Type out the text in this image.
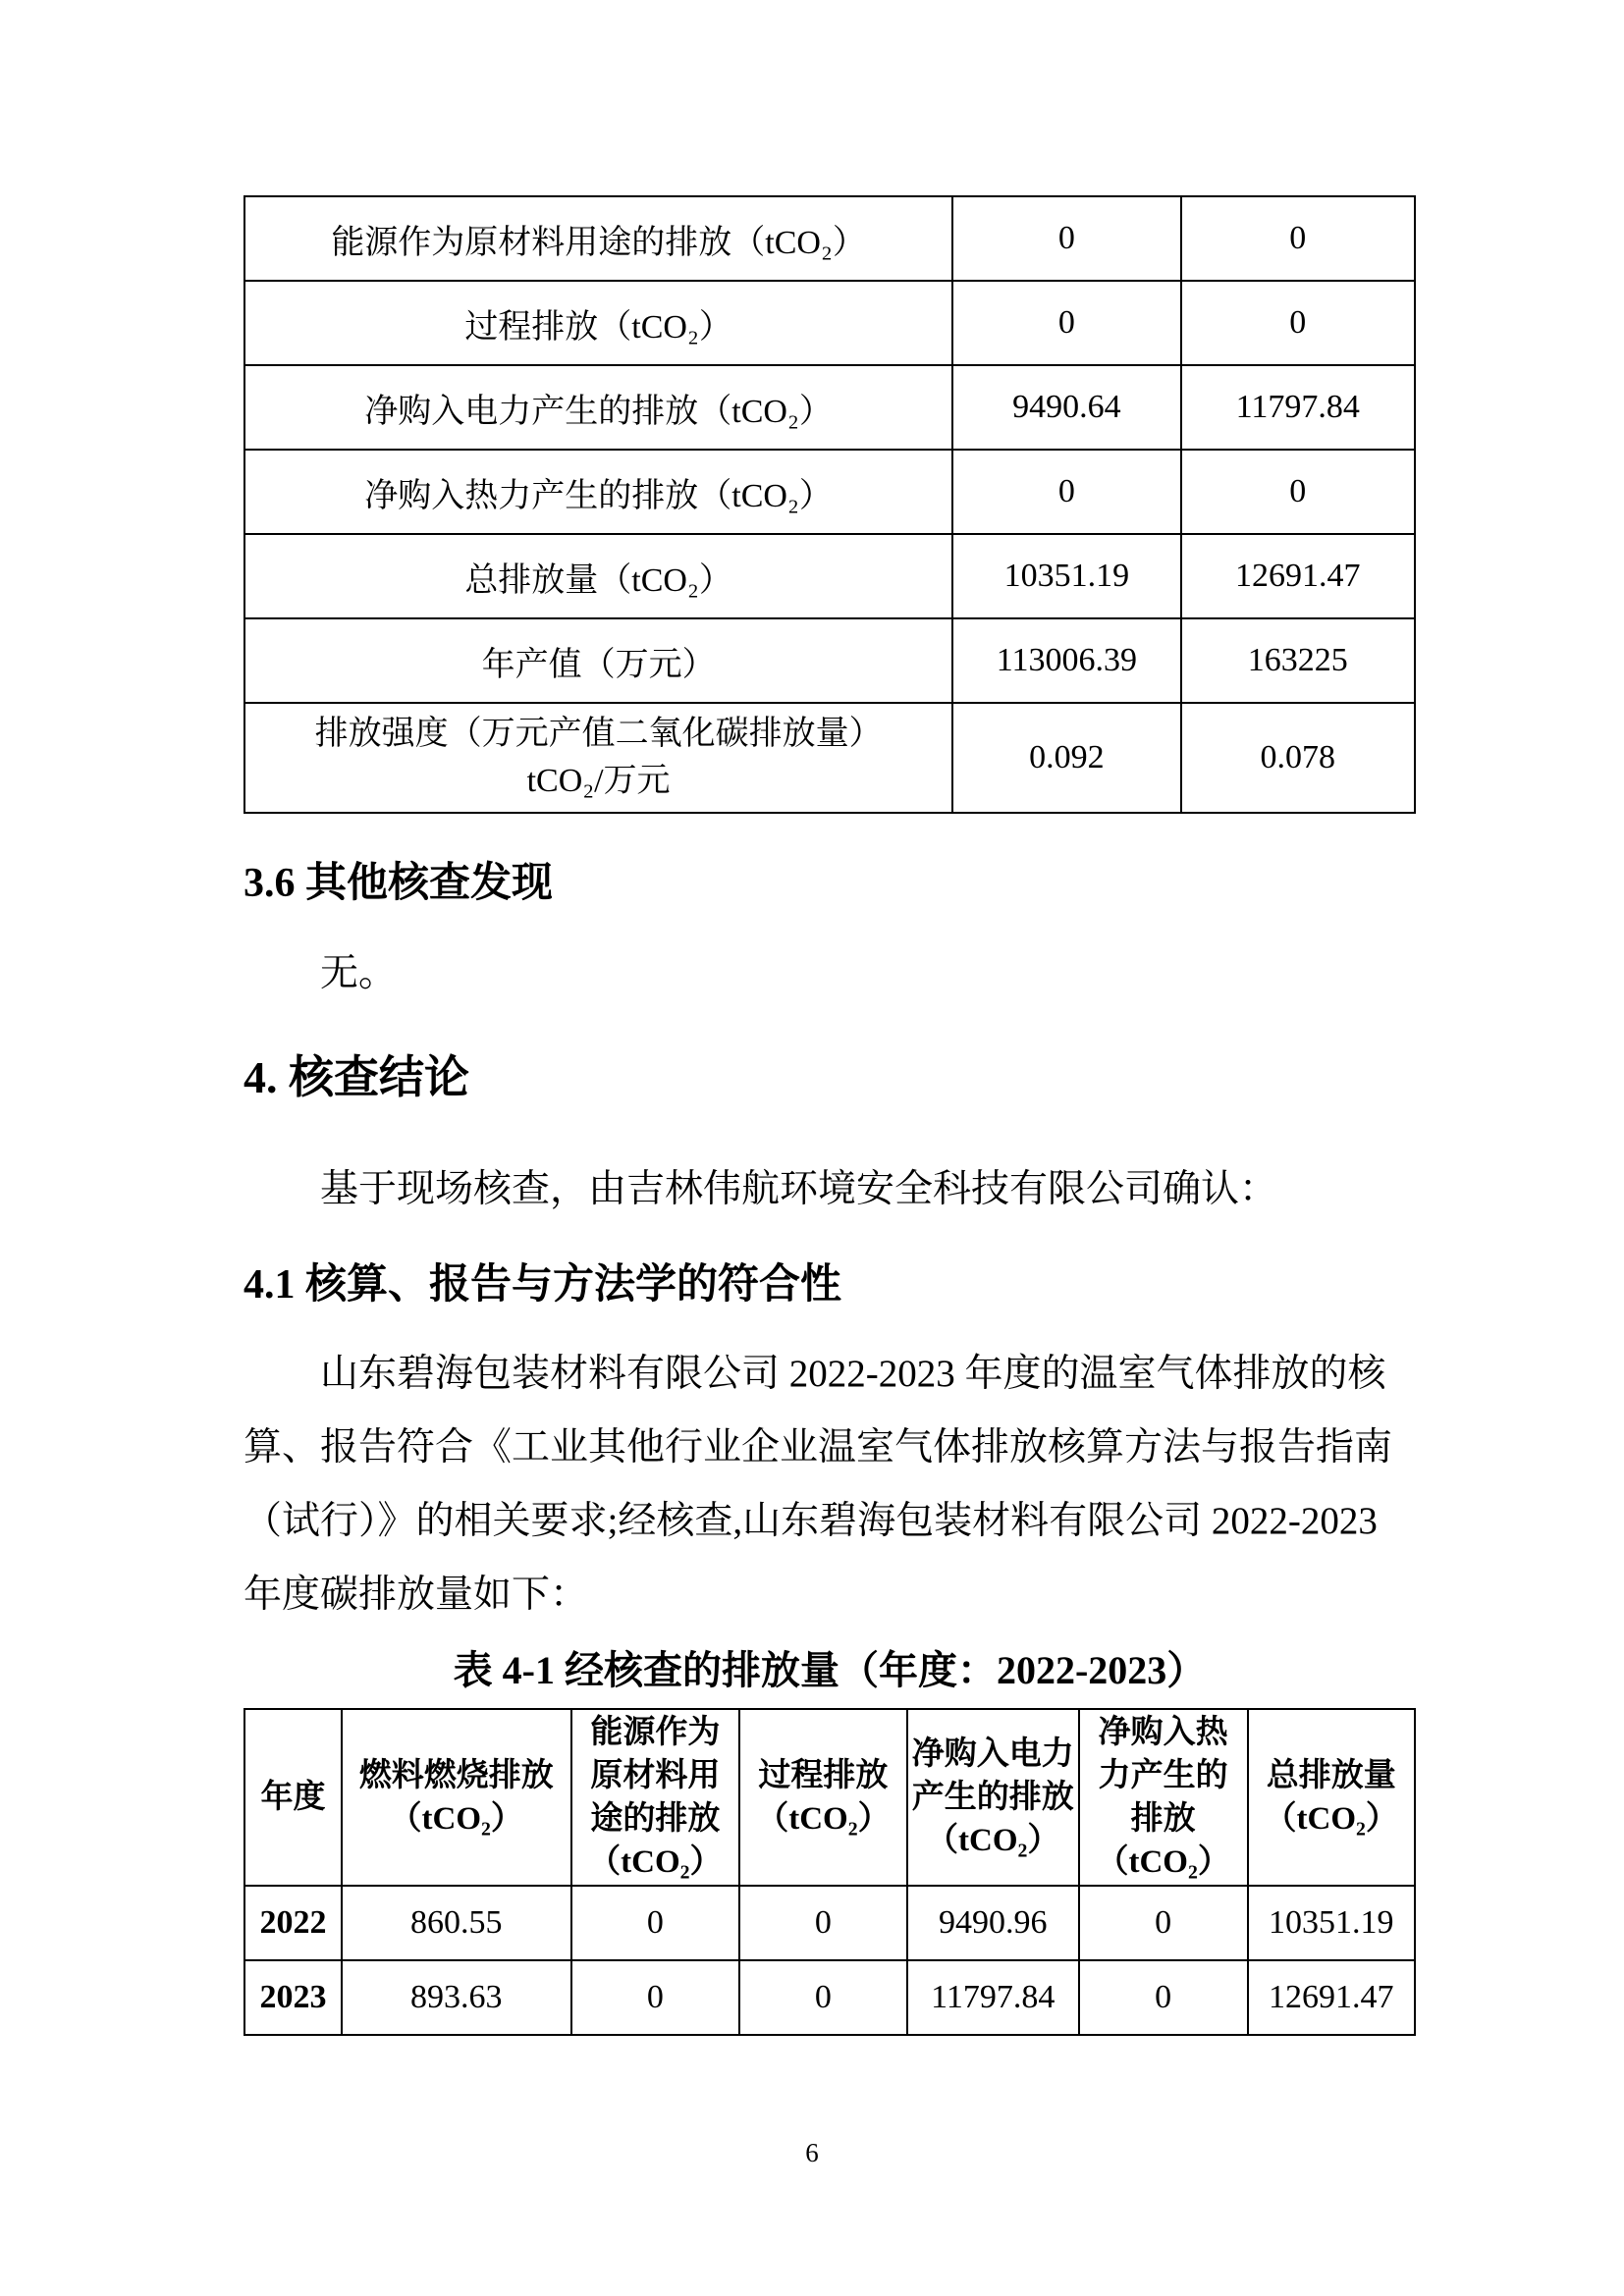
能源作为原材料用途的排放（tCO₂）	0	0
过程排放（tCO₂）	0	0
净购入电力产生的排放（tCO₂）	9490.64	11797.84
净购入热力产生的排放（tCO₂）	0	0
总排放量（tCO₂）	10351.19	12691.47
年产值（万元）	113006.39	163225

排放强度（万元产值二氧化碳排放量）
tCO₂/万元	0.092	0.078
3.6 其他核查发现
无。
4. 核查结论
基于现场核查，由吉林伟航环境安全科技有限公司确认：
4.1 核算、报告与方法学的符合性
山东碧海包装材料有限公司 2022-2023 年度的温室气体排放的核
算、报告符合《工业其他行业企业温室气体排放核算方法与报告指南
（试行）》的相关要求;经核查,山东碧海包装材料有限公司 2022-2023
年度碳排放量如下：
表 4-1 经核查的排放量（年度：2022-2023）
年度	燃料燃烧排放（tCO₂）	能源作为原材料用途的排放（tCO₂）	过程排放（tCO₂）	净购入电力产生的排放（tCO₂）	净购入热力产生的排放（tCO₂）	总排放量（tCO₂）
2022	860.55	0	0	9490.96	0	10351.19
2023	893.63	0	0	11797.84	0	12691.47
6
